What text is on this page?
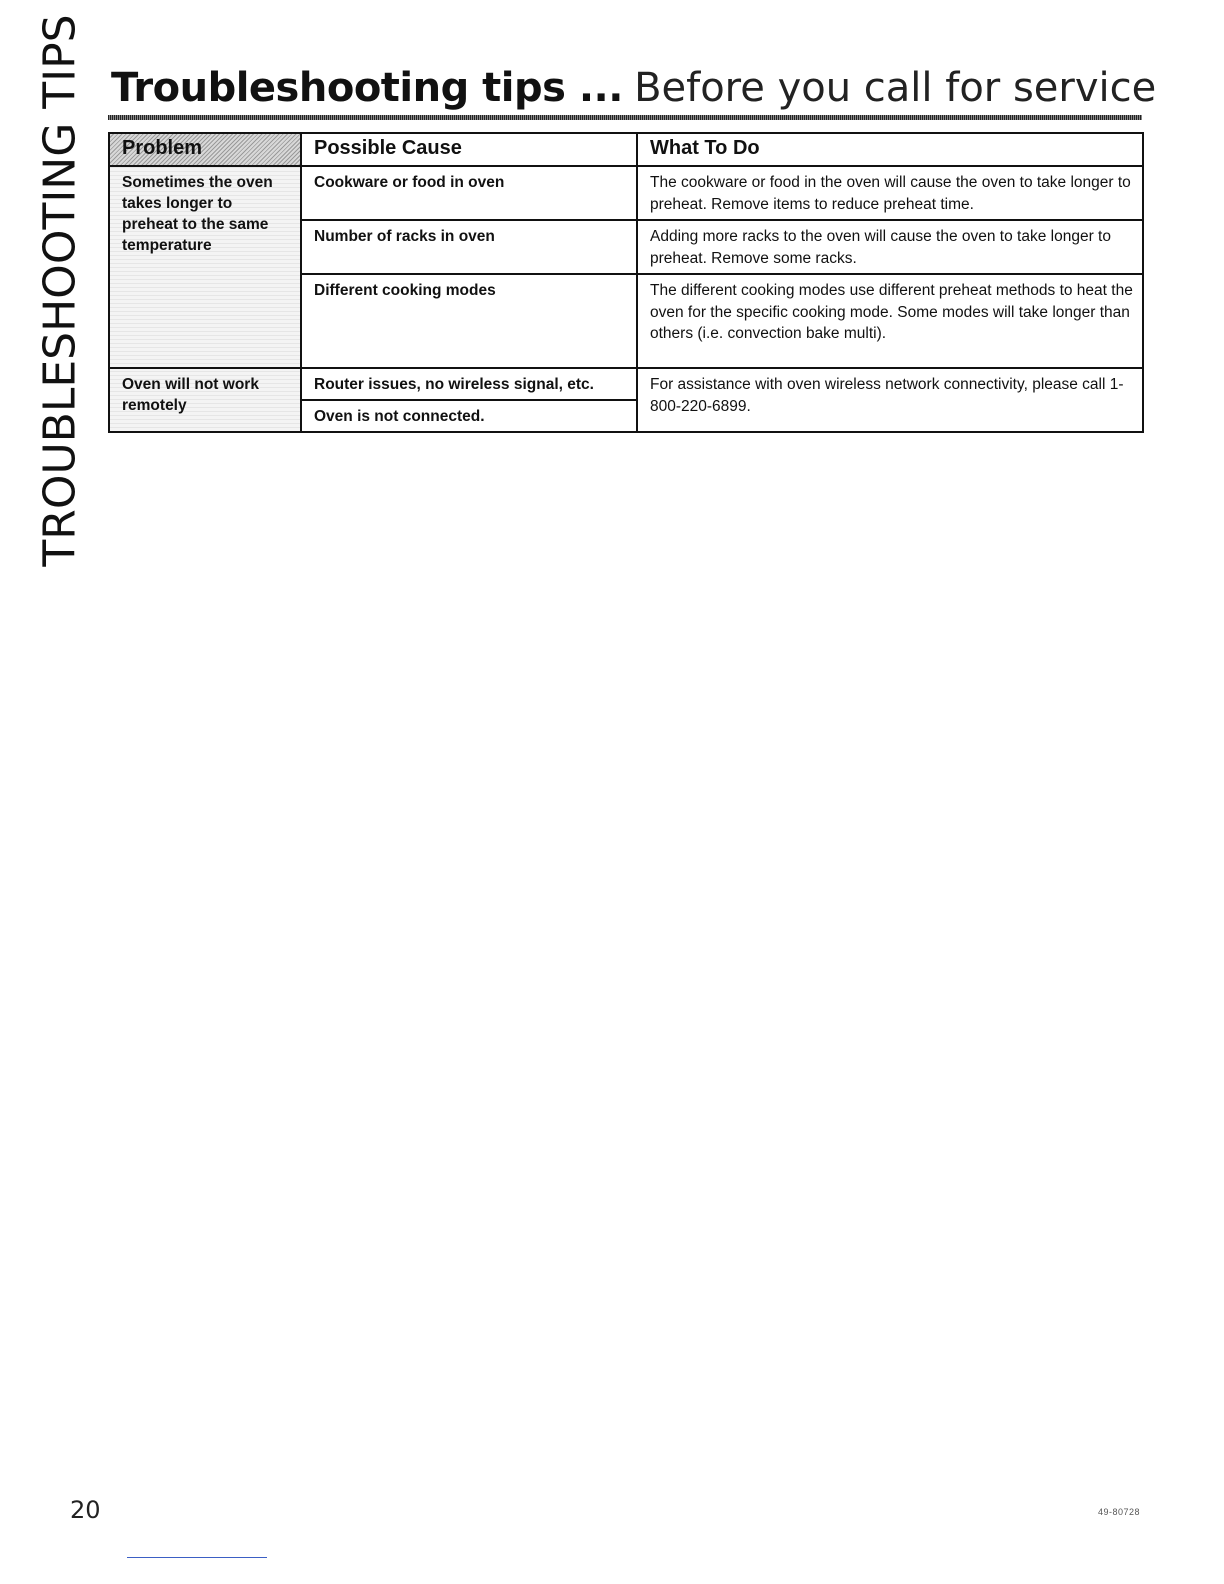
TROUBLESHOOTING TIPS Troubleshooting tips ... Before you call for service
Problem	Possible Cause	What To Do
Sometimes the oven takes longer to preheat to the same temperature	Cookware or food in oven	The cookware or food in the oven will cause the oven to take longer to preheat. Remove items to reduce preheat time.
	Number of racks in oven	Adding more racks to the oven will cause the oven to take longer to preheat. Remove some racks.
	Different cooking modes	The different cooking modes use different preheat methods to heat the oven for the specific cooking mode. Some modes will take longer than others (i.e. convection bake multi).
Oven will not work remotely	Router issues, no wireless signal, etc.	For assistance with oven wireless network connectivity, please call 1-800-220-6899.
	Oven is not connected.	
20	49-80728
